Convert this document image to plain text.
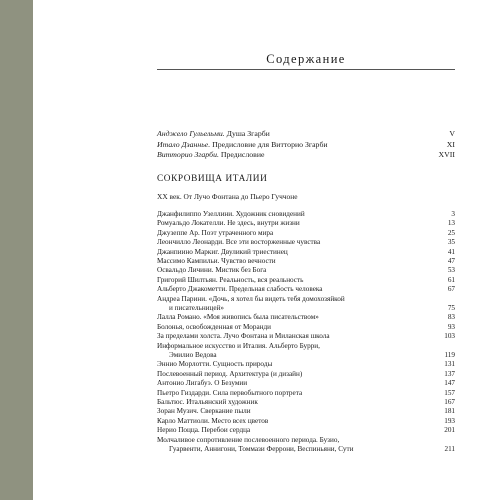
Содержание
Анджело Гульельми. Душа Згарби	V
Итало Дзаннье. Предисловие для Витторио Згарби	XI
Витторио Згарби. Предисловие	XVII
СОКРОВИЩА ИТАЛИИ
XX век. От Лучо Фонтана до Пьеро Гуччоне
Джанфилиппо Узеллини. Художник сновидений	3
Ромуальдо Локателли. Не здесь, внутри жизни	13
Джузеппе Ар. Поэт утраченного мира	25
Леончилло Леонарди. Все эти восторженные чувства	35
Джанпиино Маркиг. Двуликий триестинец	41
Массимо Кампильи. Чувство вечности	47
Освальдо Личини. Мистик без Бога	53
Григорий Шилтьян. Реальность, вся реальность	61
Альберто Джакометти. Предельная слабость человека	67
Андреа Парини. «Дочь, я хотел бы видеть тебя домохозяйкой
и писательницей»	75
Лалла Романо. «Моя живопись была писательством»	83
Болонья, освобожденная от Моранди	93
За пределами холста. Лучо Фонтана и Миланская школа	103
Информальное искусство и Италия. Альберто Бурри,
Эмилио Ведова	119
Эннио Морлотти. Сущность природы	131
Послевоенный период. Архитектура (и дизайн)	137
Антонио Лигабуэ. О Безумии	147
Пьетро Гиздарди. Сила первобытного портрета	157
Бальтюс. Итальянский художник	167
Зоран Музич. Сверкание пыли	181
Карло Маттиоли. Место всех цветов	193
Нерио Поцца. Перебои сердца	201
Молчаливое сопротивление послевоенного периода. Бузио,
Гуарвенти, Аннигони, Томмази Феррони, Веспиньяни, Сути	211
